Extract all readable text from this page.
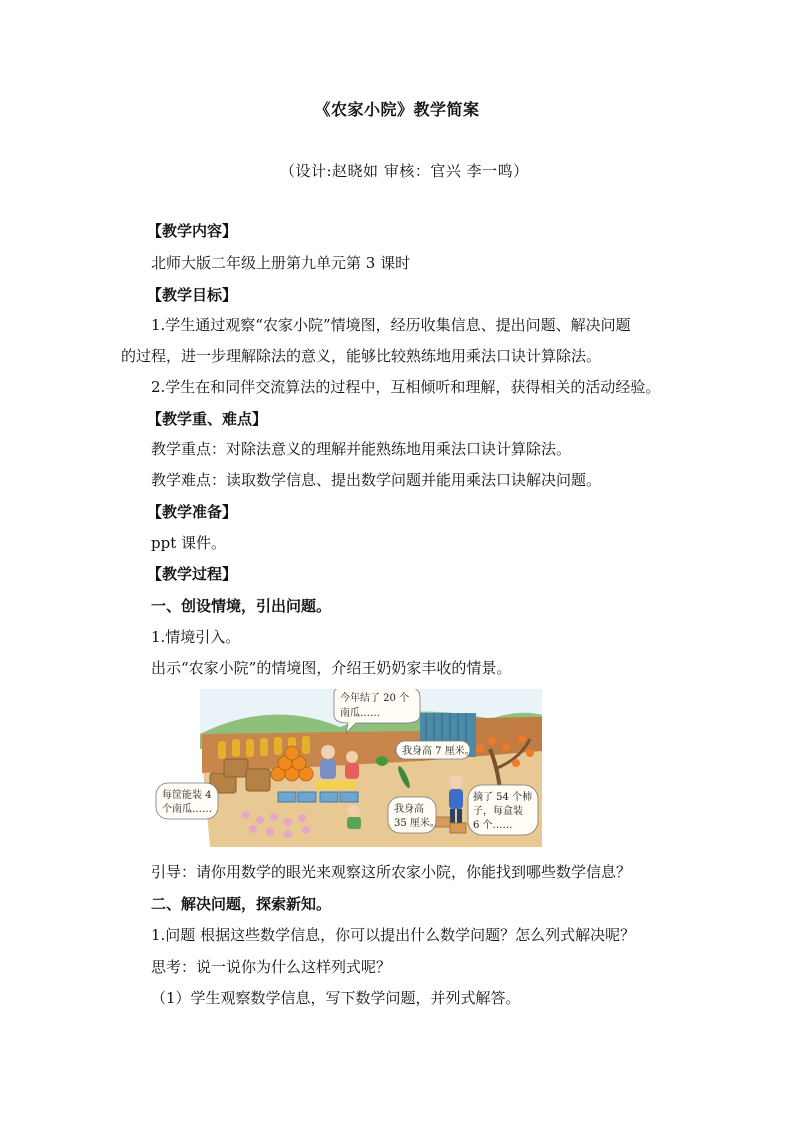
《农家小院》教学简案
（设计:赵晓如 审核：官兴 李一鸣）
【教学内容】
北师大版二年级上册第九单元第 3 课时
【教学目标】
1.学生通过观察“农家小院”情境图，经历收集信息、提出问题、解决问题
的过程，进一步理解除法的意义，能够比较熟练地用乘法口诀计算除法。
2.学生在和同伴交流算法的过程中，互相倾听和理解，获得相关的活动经验。
【教学重、难点】
教学重点：对除法意义的理解并能熟练地用乘法口诀计算除法。
教学难点：读取数学信息、提出数学问题并能用乘法口诀解决问题。
【教学准备】
ppt 课件。
【教学过程】
一、创设情境，引出问题。
1.情境引入。
出示“农家小院”的情境图，介绍王奶奶家丰收的情景。
今年结了 20 个
南瓜……
我身高 7 厘米。
每筐能装 4
个南瓜……	我身高
35 厘米。
摘了 54 个柿
子，每盒装
6 个……
引导：请你用数学的眼光来观察这所农家小院，你能找到哪些数学信息？
二、解决问题，探索新知。
1.问题 根据这些数学信息，你可以提出什么数学问题？怎么列式解决呢？
思考：说一说你为什么这样列式呢？
（1）学生观察数学信息，写下数学问题，并列式解答。
